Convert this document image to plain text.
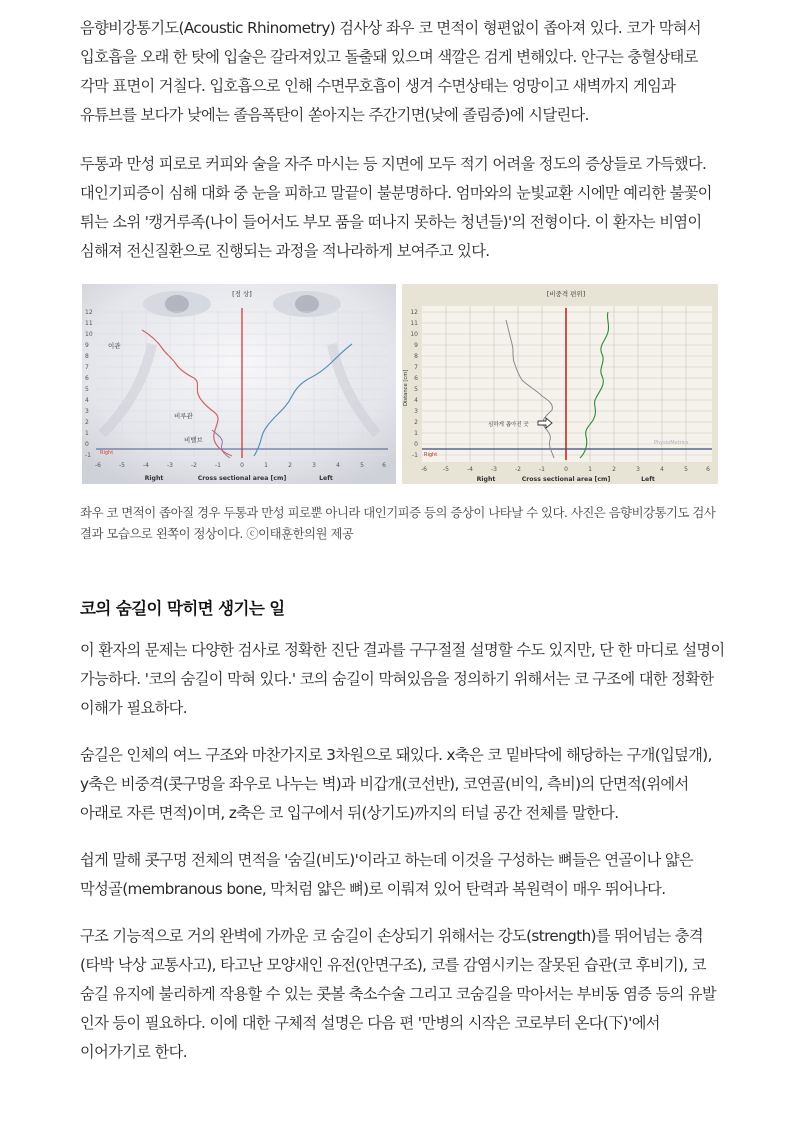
음향비강통기도(Acoustic Rhinometry) 검사상 좌우 코 면적이 형편없이 좁아져 있다. 코가 막혀서 입호흡을 오래 한 탓에 입술은 갈라져있고 돌출돼 있으며 색깔은 검게 변해있다. 안구는 충혈상태로 각막 표면이 거칠다. 입호흡으로 인해 수면무호흡이 생겨 수면상태는 엉망이고 새벽까지 게임과 유튜브를 보다가 낮에는 졸음폭탄이 쏟아지는 주간기면(낮에 졸림증)에 시달린다.

두통과 만성 피로로 커피와 술을 자주 마시는 등 지면에 모두 적기 어려울 정도의 증상들로 가득했다. 대인기피증이 심해 대화 중 눈을 피하고 말끝이 불분명하다. 엄마와의 눈빛교환 시에만 예리한 불꽃이 튀는 소위 '캥거루족(나이 들어서도 부모 품을 떠나지 못하는 청년들)'의 전형이다. 이 환자는 비염이 심해져 전신질환으로 진행되는 과정을 적나라하게 보여주고 있다.

[정 상]
12
11
10
9
8
7
6
5
4
3
2
1
0
-1
-6	-5	-4	-3	-2	-1	0	1	2	3	4	5	6
이관
비루관
비밸브
Right
Right	Cross sectional area [cm]	Left
[비중격 편위]
12
11
10
9
8
7
6
5
4
3
2
1
0
-1
Distance [cm]
-6	-5	-4	-3	-2	-1	0	1	2	3	4	5	6
심하게 좁아진 곳
Right
PhysioMetrics
Right	Cross sectional area [cm]	Left

좌우 코 면적이 좁아질 경우 두통과 만성 피로뿐 아니라 대인기피증 등의 증상이 나타날 수 있다. 사진은 음향비강통기도 검사 결과 모습으로 왼쪽이 정상이다. ⓒ이태훈한의원 제공

코의 숨길이 막히면 생기는 일

이 환자의 문제는 다양한 검사로 정확한 진단 결과를 구구절절 설명할 수도 있지만, 단 한 마디로 설명이 가능하다. '코의 숨길이 막혀 있다.' 코의 숨길이 막혀있음을 정의하기 위해서는 코 구조에 대한 정확한 이해가 필요하다.

숨길은 인체의 여느 구조와 마찬가지로 3차원으로 돼있다. x축은 코 밑바닥에 해당하는 구개(입덮개), y축은 비중격(콧구멍을 좌우로 나누는 벽)과 비갑개(코선반), 코연골(비익, 측비)의 단면적(위에서 아래로 자른 면적)이며, z축은 코 입구에서 뒤(상기도)까지의 터널 공간 전체를 말한다.

쉽게 말해 콧구멍 전체의 면적을 '숨길(비도)'이라고 하는데 이것을 구성하는 뼈들은 연골이나 얇은 막성골(membranous bone, 막처럼 얇은 뼈)로 이뤄져 있어 탄력과 복원력이 매우 뛰어나다.

구조 기능적으로 거의 완벽에 가까운 코 숨길이 손상되기 위해서는 강도(strength)를 뛰어넘는 충격(타박 낙상 교통사고), 타고난 모양새인 유전(안면구조), 코를 감염시키는 잘못된 습관(코 후비기), 코 숨길 유지에 불리하게 작용할 수 있는 콧볼 축소수술 그리고 코숨길을 막아서는 부비동 염증 등의 유발 인자 등이 필요하다. 이에 대한 구체적 설명은 다음 편 '만병의 시작은 코로부터 온다(下)'에서 이어가기로 한다.
